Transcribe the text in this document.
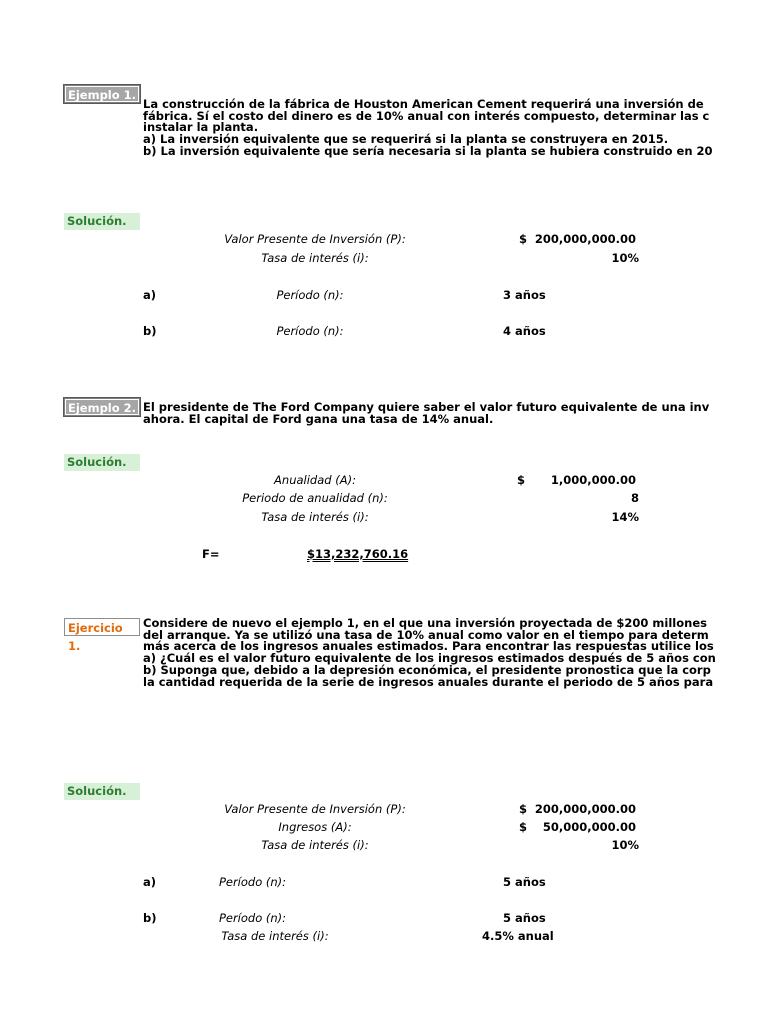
Ejemplo 1.
La construcción de la fábrica de Houston American Cement requerirá una inversión de
fábrica. Sí el costo del dinero es de 10% anual con interés compuesto, determinar las c
instalar la planta.
a) La inversión equivalente que se requerirá si la planta se construyera en 2015.
b) La inversión equivalente que sería necesaria si la planta se hubiera construido en 20
Solución.
Valor Presente de Inversión (P):	$ 200,000,000.00
Tasa de interés (i):	10%
a)	Período (n):	3 años
b)	Período (n):	4 años
Ejemplo 2. El presidente de The Ford Company quiere saber el valor futuro equivalente de una inv
ahora. El capital de Ford gana una tasa de 14% anual.
Solución.
Anualidad (A):	$	1,000,000.00
Periodo de anualidad (n):	8
Tasa de interés (i):	14%
F=	$13,232,760.16
Ejercicio 1.
Considere de nuevo el ejemplo 1, en el que una inversión proyectada de $200 millones
del arranque. Ya se utilizó una tasa de 10% anual como valor en el tiempo para determ
más acerca de los ingresos anuales estimados. Para encontrar las respuestas utilice los
a) ¿Cuál es el valor futuro equivalente de los ingresos estimados después de 5 años con
b) Suponga que, debido a la depresión económica, el presidente pronostica que la corp
la cantidad requerida de la serie de ingresos anuales durante el periodo de 5 años para
Solución.
Valor Presente de Inversión (P):	$ 200,000,000.00
Ingresos (A):	$	50,000,000.00
Tasa de interés (i):	10%
a)	Período (n):	5 años
b)	Período (n):	5 años
Tasa de interés (i):	4.5% anual
